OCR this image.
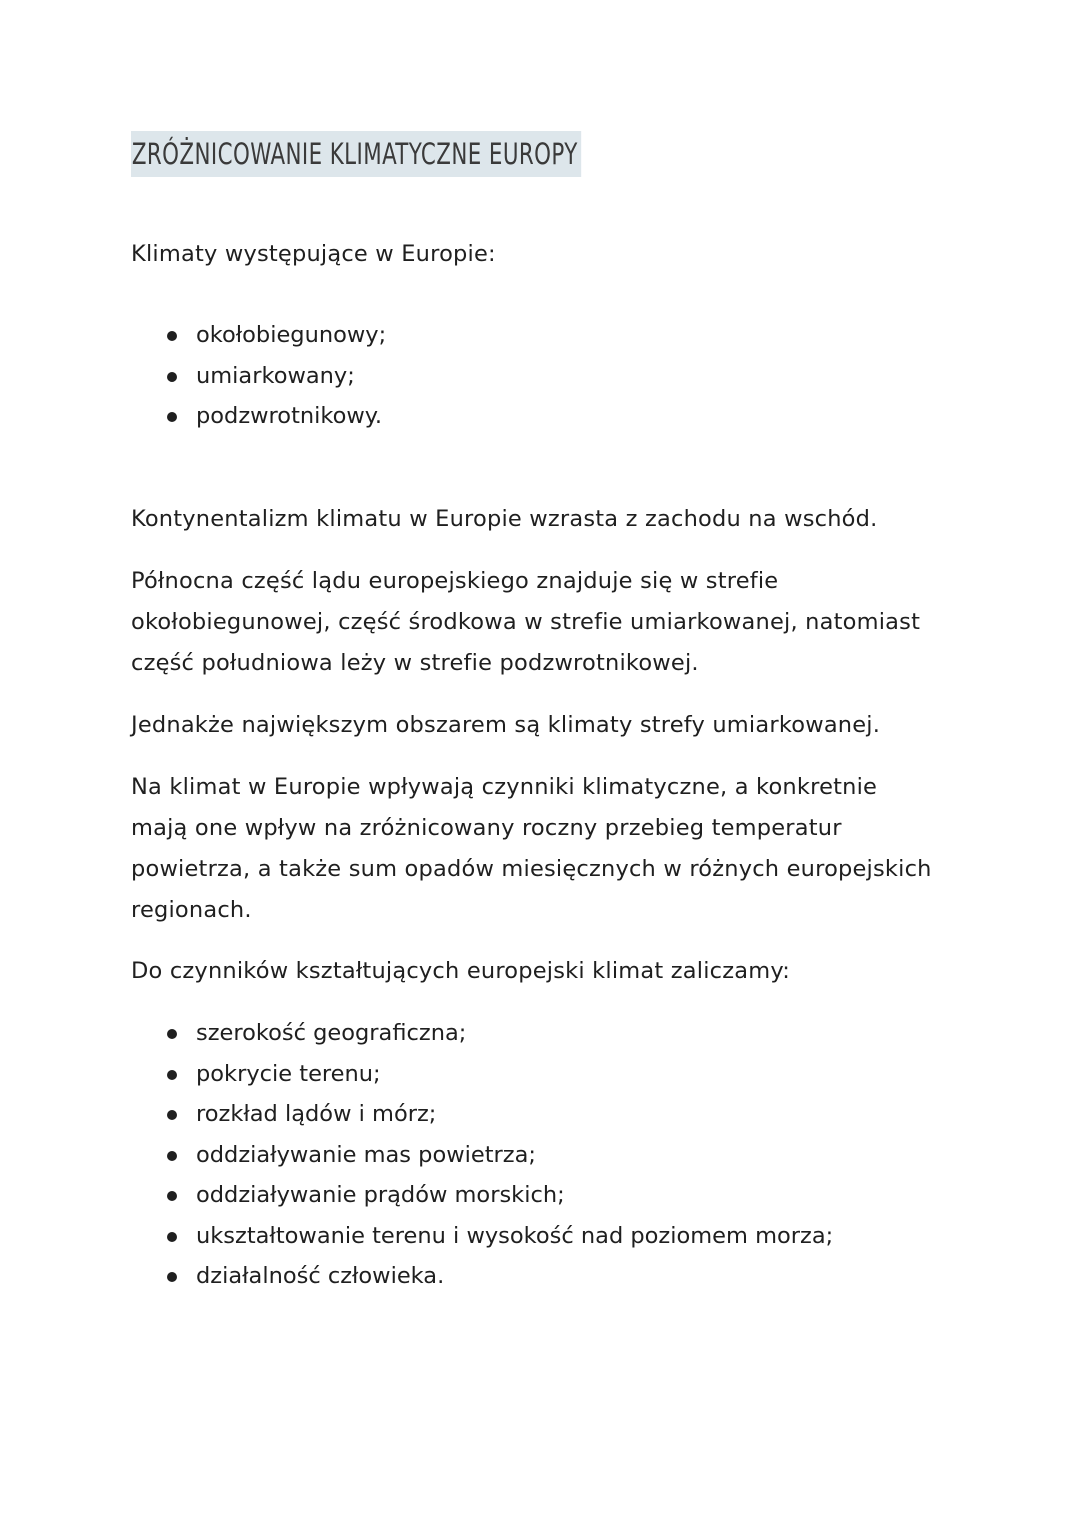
ZRÓŻNICOWANIE KLIMATYCZNE EUROPY
Klimaty występujące w Europie:
okołobiegunowy;
umiarkowany;
podzwrotnikowy.
Kontynentalizm klimatu w Europie wzrasta z zachodu na wschód.
Północna część lądu europejskiego znajduje się w strefie
okołobiegunowej, część środkowa w strefie umiarkowanej, natomiast
część południowa leży w strefie podzwrotnikowej.
Jednakże największym obszarem są klimaty strefy umiarkowanej.
Na klimat w Europie wpływają czynniki klimatyczne, a konkretnie
mają one wpływ na zróżnicowany roczny przebieg temperatur
powietrza, a także sum opadów miesięcznych w różnych europejskich
regionach.
Do czynników kształtujących europejski klimat zaliczamy:
szerokość geograficzna;
pokrycie terenu;
rozkład lądów i mórz;
oddziaływanie mas powietrza;
oddziaływanie prądów morskich;
ukształtowanie terenu i wysokość nad poziomem morza;
działalność człowieka.
